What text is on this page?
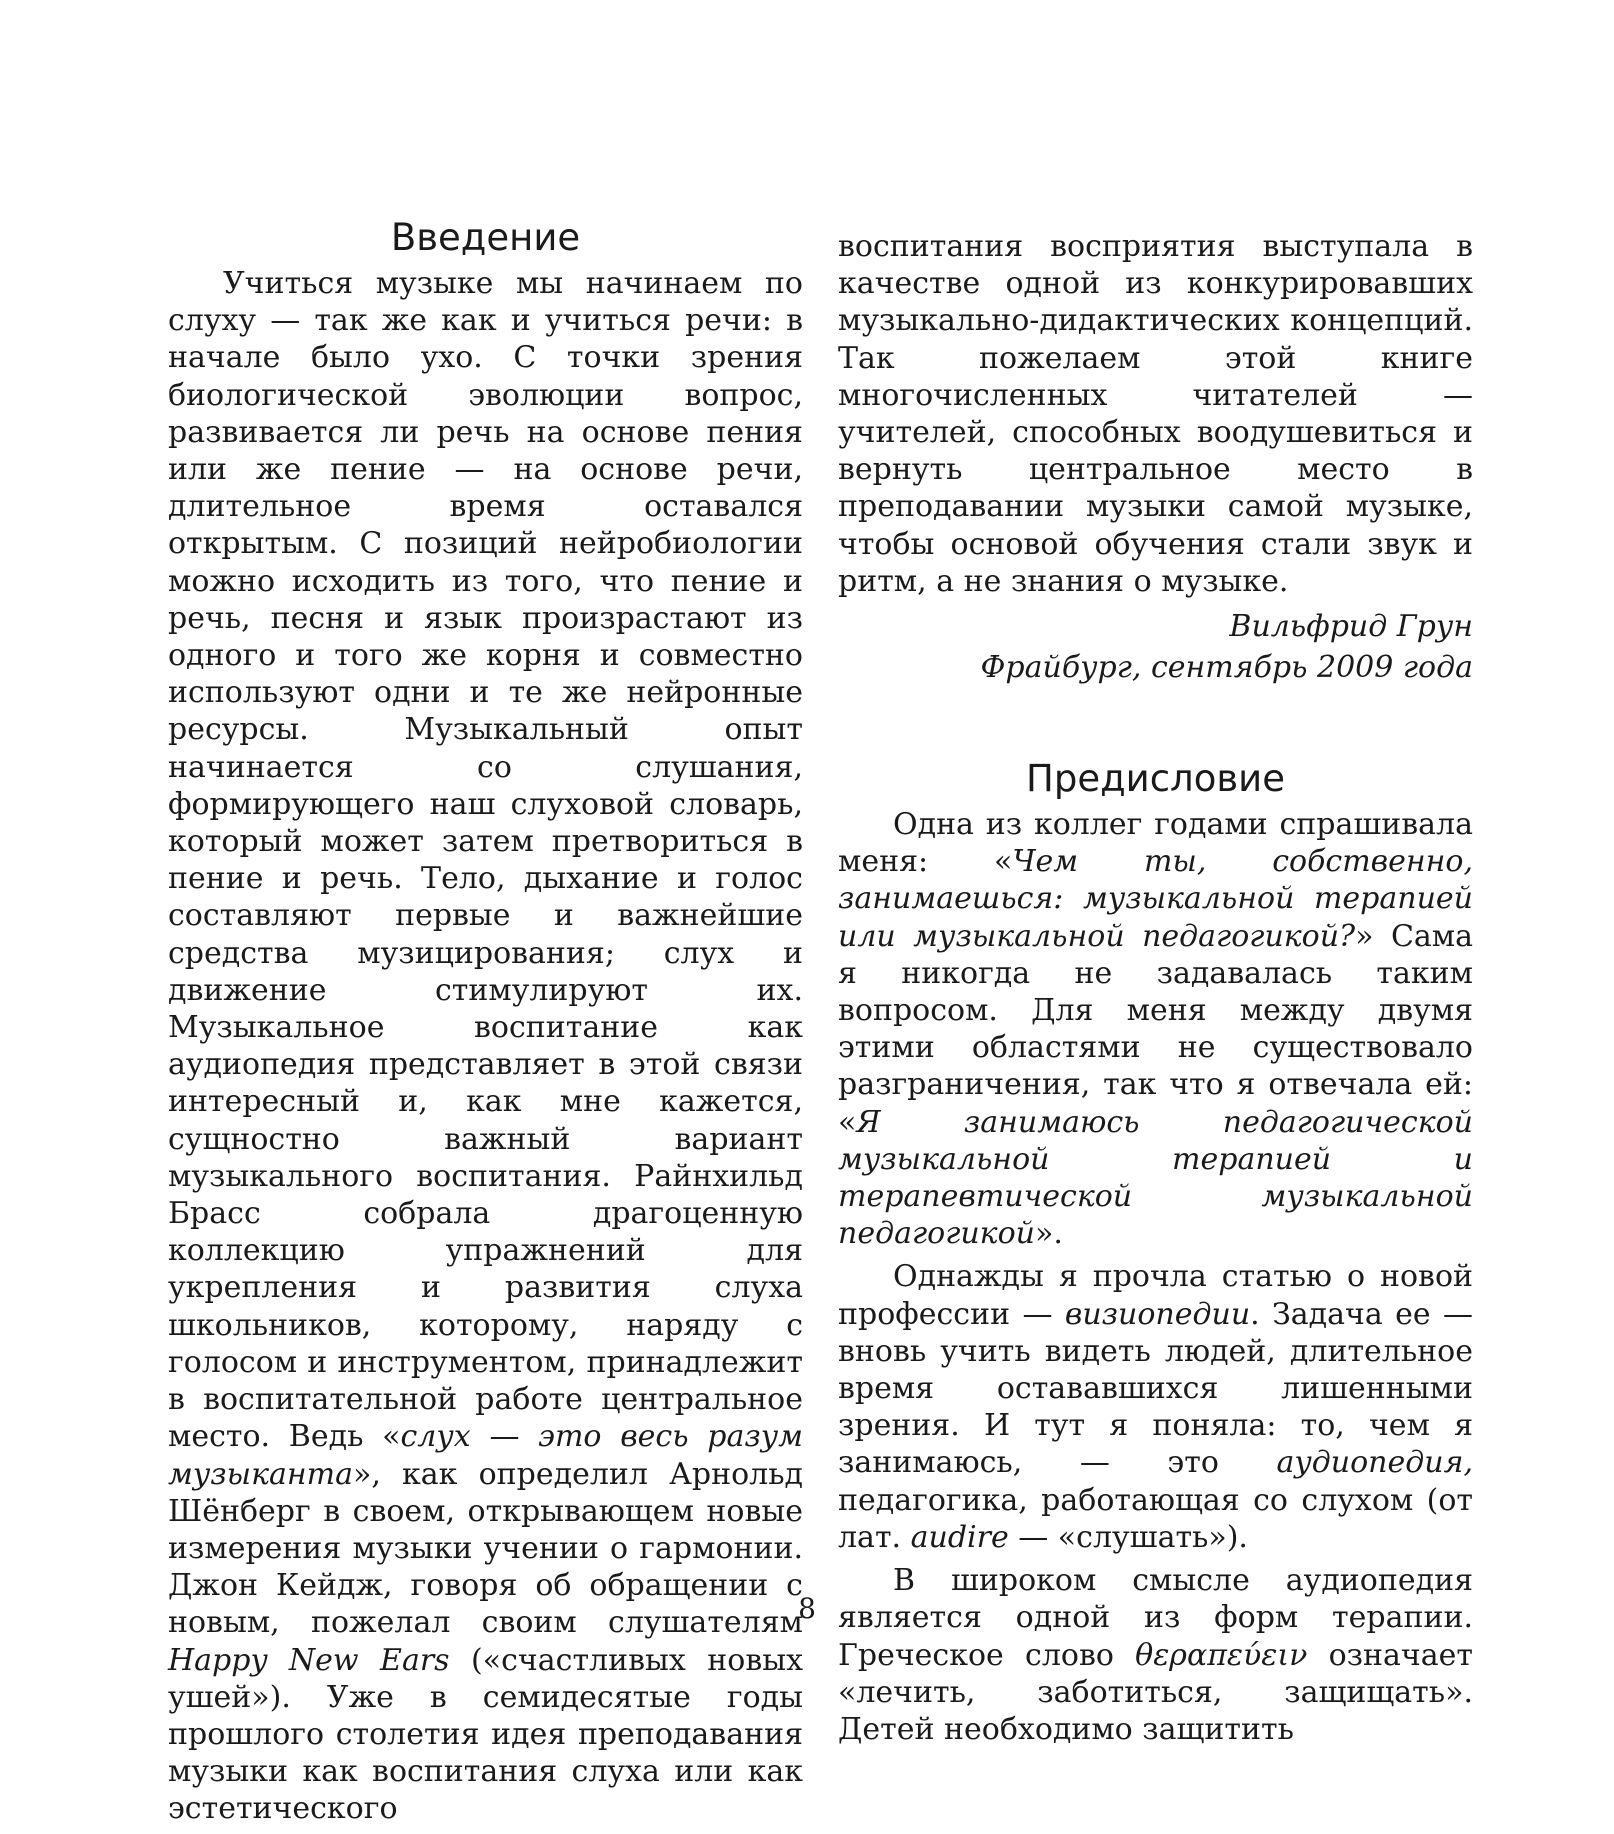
Введение

Учиться музыке мы начинаем по слуху — так же как и учиться речи: в начале было ухо. С точки зрения биологической эволюции вопрос, развивается ли речь на основе пения или же пение — на основе речи, длительное время оставался открытым. С позиций нейробиологии можно исходить из того, что пение и речь, песня и язык произрастают из одного и того же корня и совместно используют одни и те же нейронные ресурсы. Музыкальный опыт начинается со слушания, формирующего наш слуховой словарь, который может затем претвориться в пение и речь. Тело, дыхание и голос составляют первые и важнейшие средства музицирования; слух и движение стимулируют их. Музыкальное воспитание как аудиопедия представляет в этой связи интересный и, как мне кажется, сущностно важный вариант музыкального воспитания. Райнхильд Брасс собрала драгоценную коллекцию упражнений для укрепления и развития слуха школьников, которому, наряду с голосом и инструментом, принадлежит в воспитательной работе центральное место. Ведь «слух — это весь разум музыканта», как определил Арнольд Шёнберг в своем, открывающем новые измерения музыки учении о гармонии. Джон Кейдж, говоря об обращении с новым, пожелал своим слушателям Happy New Ears («счастливых новых ушей»). Уже в семидесятые годы прошлого столетия идея преподавания музыки как воспитания слуха или как эстетического

воспитания восприятия выступала в качестве одной из конкурировавших музыкально-дидактических концепций. Так пожелаем этой книге многочисленных читателей — учителей, способных воодушевиться и вернуть центральное место в преподавании музыки самой музыке, чтобы основой обучения стали звук и ритм, а не знания о музыке.

Вильфрид Грун

Фрайбург, сентябрь 2009 года

Предисловие

Одна из коллег годами спрашивала меня: «Чем ты, собственно, занимаешься: музыкальной терапией или музыкальной педагогикой?» Сама я никогда не задавалась таким вопросом. Для меня между двумя этими областями не существовало разграничения, так что я отвечала ей: «Я занимаюсь педагогической музыкальной терапией и терапевтической музыкальной педагогикой».

Однажды я прочла статью о новой профессии — визиопедии. Задача ее — вновь учить видеть людей, длительное время остававшихся лишенными зрения. И тут я поняла: то, чем я занимаюсь, — это аудиопедия, педагогика, работающая со слухом (от лат. audire — «слушать»).

В широком смысле аудиопедия является одной из форм терапии. Греческое слово θεραπεύειν означает «лечить, заботиться, защищать». Детей необходимо защитить

8
